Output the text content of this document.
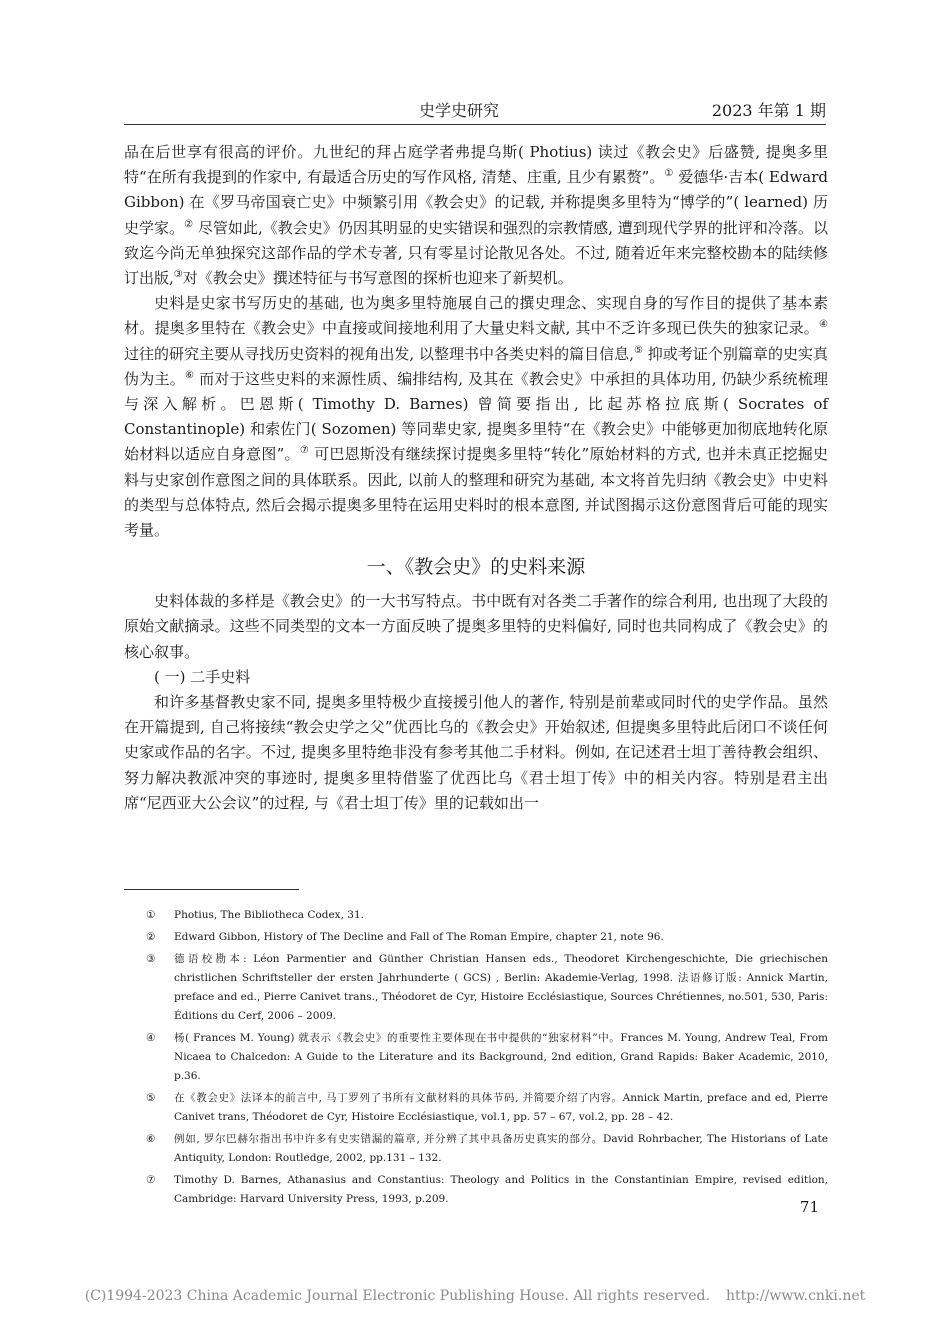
史学史研究	2023 年第 1 期

品在后世享有很高的评价。九世纪的拜占庭学者弗提乌斯( Photius) 读过《教会史》后盛赞, 提奥多里特“在所有我提到的作家中, 有最适合历史的写作风格, 清楚、庄重, 且少有累赘”。① 爱德华·吉本( Edward Gibbon) 在《罗马帝国衰亡史》中频繁引用《教会史》的记载, 并称提奥多里特为“博学的”( learned) 历史学家。② 尽管如此,《教会史》仍因其明显的史实错误和强烈的宗教情感, 遭到现代学界的批评和冷落。以致迄今尚无单独探究这部作品的学术专著, 只有零星讨论散见各处。不过, 随着近年来完整校勘本的陆续修订出版,③对《教会史》撰述特征与书写意图的探析也迎来了新契机。

史料是史家书写历史的基础, 也为奥多里特施展自己的撰史理念、实现自身的写作目的提供了基本素材。提奥多里特在《教会史》中直接或间接地利用了大量史料文献, 其中不乏许多现已佚失的独家记录。④ 过往的研究主要从寻找历史资料的视角出发, 以整理书中各类史料的篇目信息,⑤ 抑或考证个别篇章的史实真伪为主。⑥ 而对于这些史料的来源性质、编排结构, 及其在《教会史》中承担的具体功用, 仍缺少系统梳理与深入解析。巴恩斯( Timothy D. Barnes) 曾简要指出, 比起苏格拉底斯( Socrates of Constantinople) 和索佐门( Sozomen) 等同辈史家, 提奥多里特“在《教会史》中能够更加彻底地转化原始材料以适应自身意图”。⑦ 可巴恩斯没有继续探讨提奥多里特“转化”原始材料的方式, 也并未真正挖掘史料与史家创作意图之间的具体联系。因此, 以前人的整理和研究为基础, 本文将首先归纳《教会史》中史料的类型与总体特点, 然后会揭示提奥多里特在运用史料时的根本意图, 并试图揭示这份意图背后可能的现实考量。

一、《教会史》的史料来源

史料体裁的多样是《教会史》的一大书写特点。书中既有对各类二手著作的综合利用, 也出现了大段的原始文献摘录。这些不同类型的文本一方面反映了提奥多里特的史料偏好, 同时也共同构成了《教会史》的核心叙事。

( 一) 二手史料

和许多基督教史家不同, 提奥多里特极少直接援引他人的著作, 特别是前辈或同时代的史学作品。虽然在开篇提到, 自己将接续“教会史学之父”优西比乌的《教会史》开始叙述, 但提奥多里特此后闭口不谈任何史家或作品的名字。不过, 提奥多里特绝非没有参考其他二手材料。例如, 在记述君士坦丁善待教会组织、努力解决教派冲突的事迹时, 提奥多里特借鉴了优西比乌《君士坦丁传》中的相关内容。特别是君主出席“尼西亚大公会议”的过程, 与《君士坦丁传》里的记载如出一

① Photius, The Bibliotheca Codex, 31.
② Edward Gibbon, History of The Decline and Fall of The Roman Empire, chapter 21, note 96.
③ 德语校勘本: Léon Parmentier and Günther Christian Hansen eds., Theodoret Kirchengeschichte, Die griechischen christlichen Schriftsteller der ersten Jahrhunderte ( GCS) , Berlin: Akademie-Verlag, 1998. 法语修订版: Annick Martin, preface and ed., Pierre Canivet trans., Théodoret de Cyr, Histoire Ecclésiastique, Sources Chrétiennes, no.501, 530, Paris: Éditions du Cerf, 2006 – 2009.
④ 杨( Frances M. Young) 就表示《教会史》的重要性主要体现在书中提供的“独家材料”中。Frances M. Young, Andrew Teal, From Nicaea to Chalcedon: A Guide to the Literature and its Background, 2nd edition, Grand Rapids: Baker Academic, 2010, p.36.
⑤ 在《教会史》法译本的前言中, 马丁罗列了书所有文献材料的具体节码, 并简要介绍了内容。Annick Martin, preface and ed, Pierre Canivet trans, Théodoret de Cyr, Histoire Ecclésiastique, vol.1, pp. 57 – 67, vol.2, pp. 28 – 42.
⑥ 例如, 罗尔巴赫尔指出书中许多有史实错漏的篇章, 并分辨了其中具备历史真实的部分。David Rohrbacher, The Historians of Late Antiquity, London: Routledge, 2002, pp.131 – 132.
⑦ Timothy D. Barnes, Athanasius and Constantius: Theology and Politics in the Constantinian Empire, revised edition, Cambridge: Harvard University Press, 1993, p.209.	71
(C)1994-2023 China Academic Journal Electronic Publishing House. All rights reserved. http://www.cnki.net
